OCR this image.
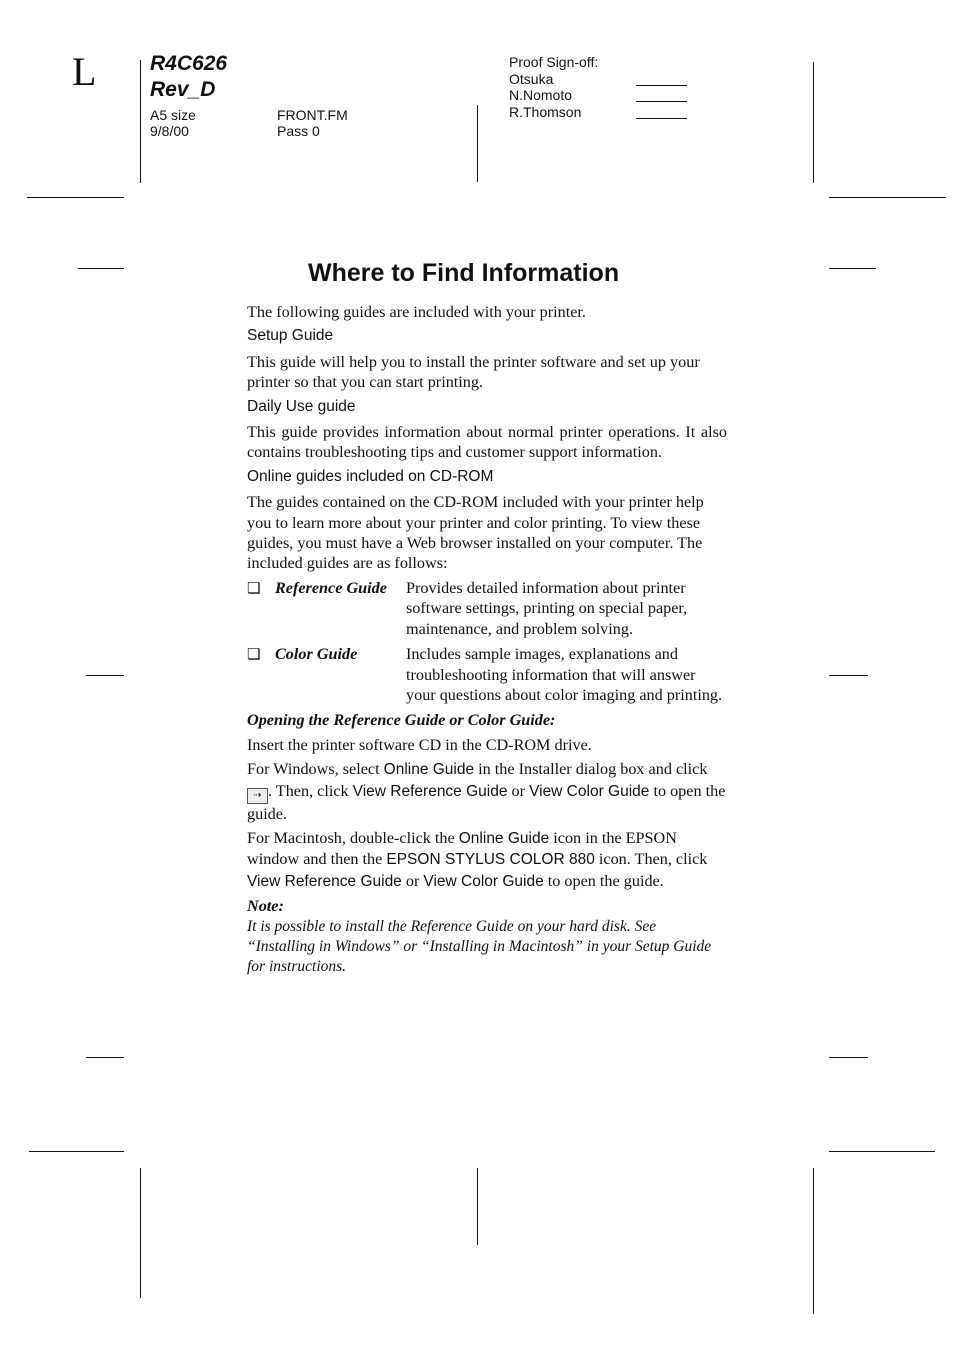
L	R4C626
Rev_D
A5 size
9/8/00
FRONT.FM
Pass 0
Proof Sign-off:
Otsuka
N.Nomoto
R.Thomson
Where to Find Information

The following guides are included with your printer.

Setup Guide

This guide will help you to install the printer software and set up your printer so that you can start printing.

Daily Use guide

This guide provides information about normal printer operations. It also contains troubleshooting tips and customer support information.

Online guides included on CD-ROM

The guides contained on the CD-ROM included with your printer help you to learn more about your printer and color printing. To view these guides, you must have a Web browser installed on your computer. The included guides are as follows:

❏ Reference Guide	Provides detailed information about printer software settings, printing on special paper, maintenance, and problem solving.
❏ Color Guide	Includes sample images, explanations and troubleshooting information that will answer your questions about color imaging and printing.

Opening the Reference Guide or Color Guide:

Insert the printer software CD in the CD-ROM drive.

For Windows, select Online Guide in the Installer dialog box and click ⇢ . Then, click View Reference Guide or View Color Guide to open the guide.

For Macintosh, double-click the Online Guide icon in the EPSON window and then the EPSON STYLUS COLOR 880 icon. Then, click View Reference Guide or View Color Guide to open the guide.

Note:

It is possible to install the Reference Guide on your hard disk. See “Installing in Windows” or “Installing in Macintosh” in your Setup Guide for instructions.
